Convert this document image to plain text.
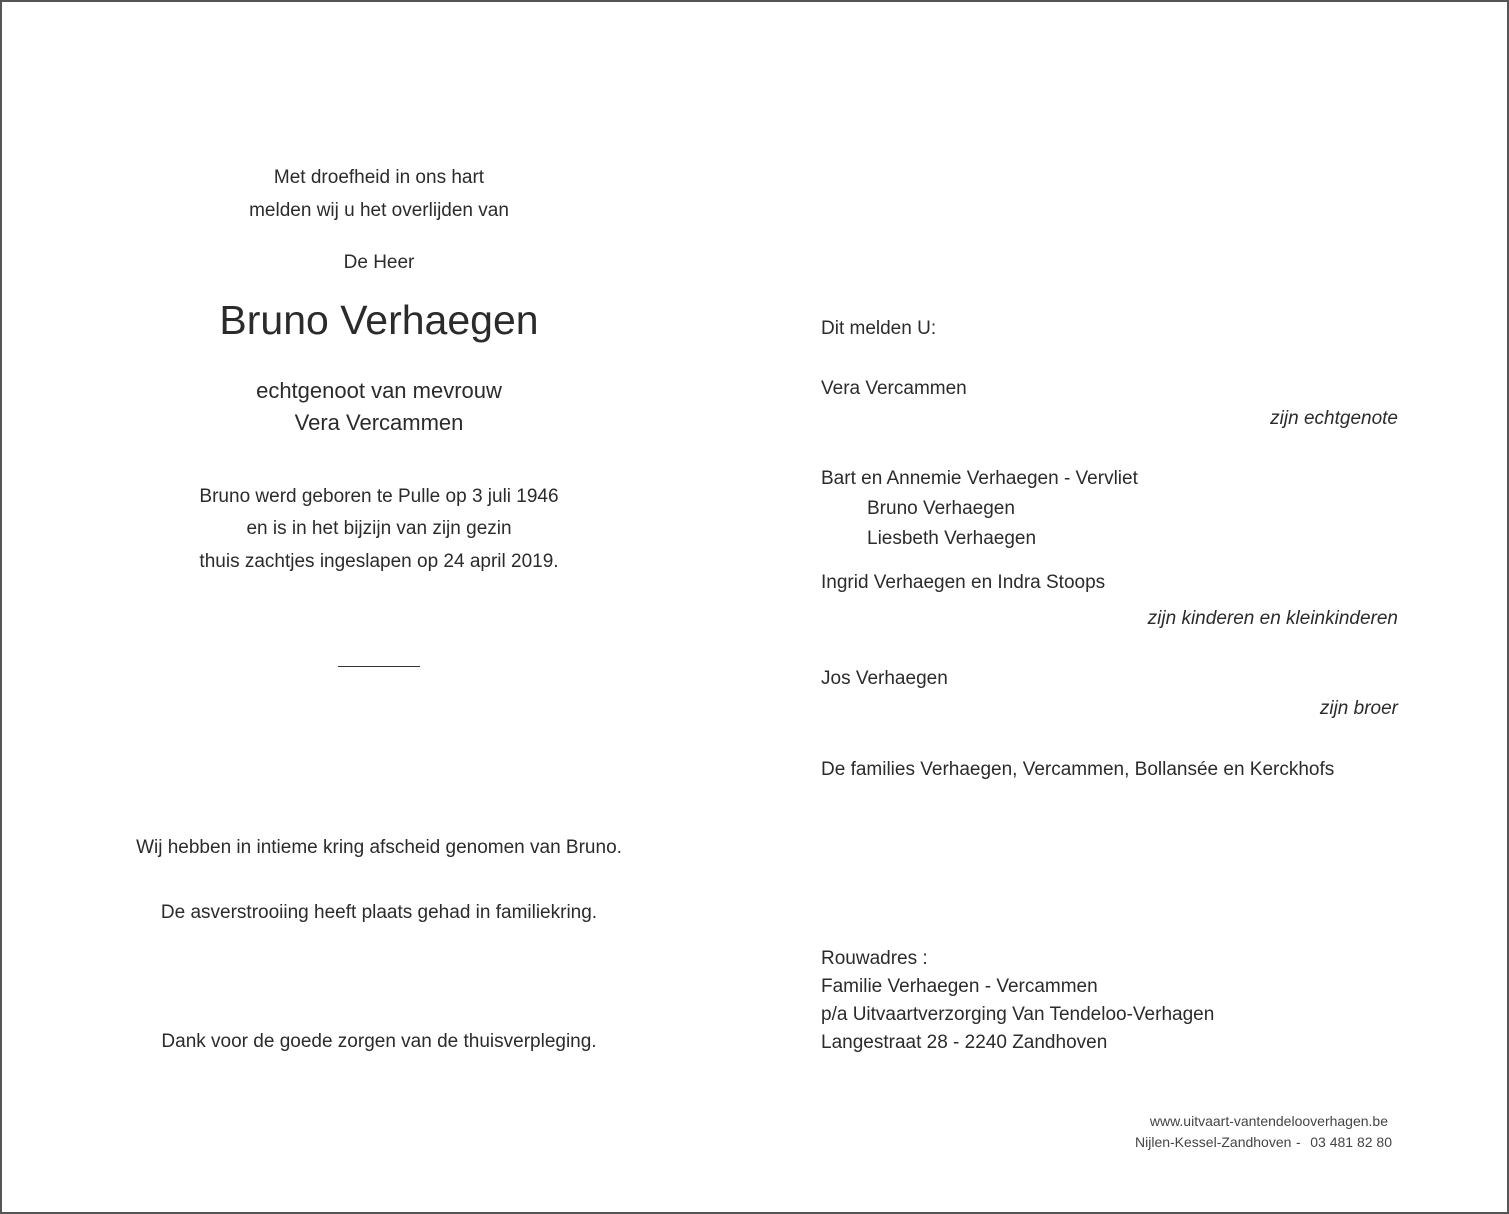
Met droefheid in ons hart
melden wij u het overlijden van
De Heer
Bruno Verhaegen
echtgenoot van mevrouw
Vera Vercammen
Bruno werd geboren te Pulle op 3 juli 1946
en is in het bijzijn van zijn gezin
thuis zachtjes ingeslapen op 24 april 2019.
Wij hebben in intieme kring afscheid genomen van Bruno.
De asverstrooiing heeft plaats gehad in familiekring.
Dank voor de goede zorgen van de thuisverpleging.
Dit melden U:
Vera Vercammen
zijn echtgenote
Bart en Annemie Verhaegen - Vervliet
Bruno Verhaegen
Liesbeth Verhaegen
Ingrid Verhaegen en Indra Stoops
zijn kinderen en kleinkinderen
Jos Verhaegen
zijn broer
De families Verhaegen, Vercammen, Bollansée en Kerckhofs
Rouwadres :
Familie Verhaegen - Vercammen
p/a Uitvaartverzorging Van Tendeloo-Verhagen
Langestraat 28 - 2240 Zandhoven
www.uitvaart-vantendelooverhagen.be
Nijlen-Kessel-Zandhoven - 03 481 82 80
